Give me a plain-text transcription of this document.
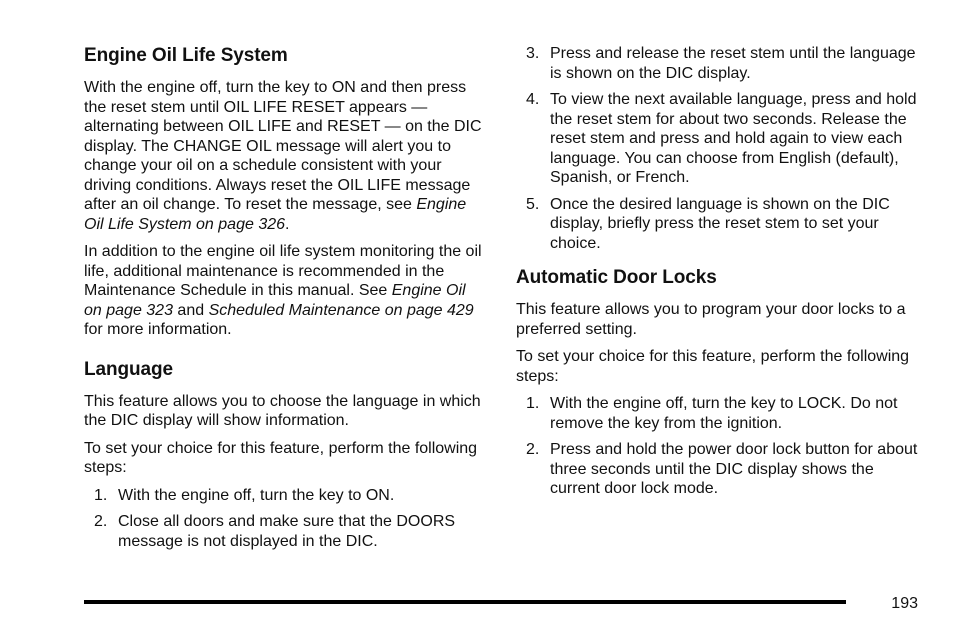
Engine Oil Life System

With the engine off, turn the key to ON and then press the reset stem until OIL LIFE RESET appears — alternating between OIL LIFE and RESET — on the DIC display. The CHANGE OIL message will alert you to change your oil on a schedule consistent with your driving conditions. Always reset the OIL LIFE message after an oil change. To reset the message, see Engine Oil Life System on page 326.

In addition to the engine oil life system monitoring the oil life, additional maintenance is recommended in the Maintenance Schedule in this manual. See Engine Oil on page 323 and Scheduled Maintenance on page 429 for more information.

Language

This feature allows you to choose the language in which the DIC display will show information.

To set your choice for this feature, perform the following steps:

1. With the engine off, turn the key to ON.
2. Close all doors and make sure that the DOORS message is not displayed in the DIC.
3. Press and release the reset stem until the language is shown on the DIC display.
4. To view the next available language, press and hold the reset stem for about two seconds. Release the reset stem and press and hold again to view each language. You can choose from English (default), Spanish, or French.
5. Once the desired language is shown on the DIC display, briefly press the reset stem to set your choice.
Automatic Door Locks

This feature allows you to program your door locks to a preferred setting.

To set your choice for this feature, perform the following steps:

1. With the engine off, turn the key to LOCK. Do not remove the key from the ignition.
2. Press and hold the power door lock button for about three seconds until the DIC display shows the current door lock mode.
193
